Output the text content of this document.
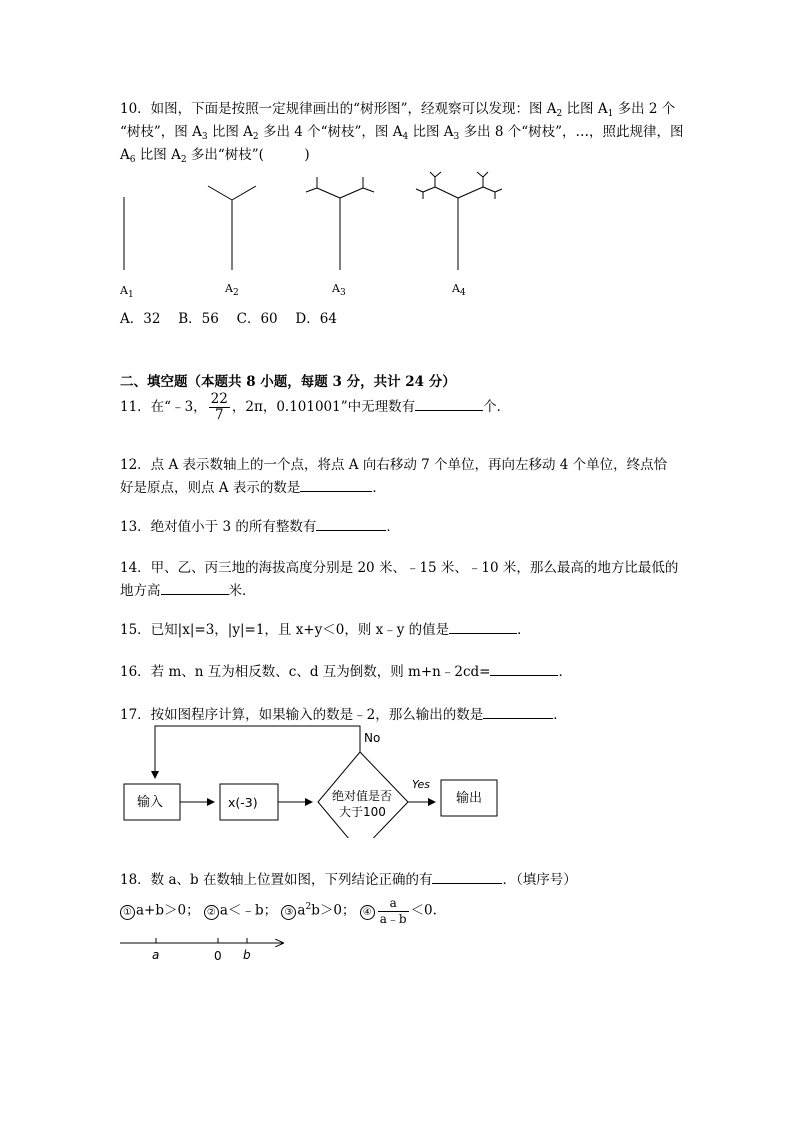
10．如图，下面是按照一定规律画出的“树形图”，经观察可以发现：图 $A_2$ 比图 $A_1$ 多出 2 个
“树枝”，图 $A_3$ 比图 $A_2$ 多出 4 个“树枝”，图 $A_4$ 比图 $A_3$ 多出 8 个“树枝”，…，照此规律，图
$A_6$ 比图 $A_2$ 多出“树枝”(　　　)
$A_1$	$A_2$	$A_3$	$A_4$
A．32　 B．56　 C．60　 D．64
二、填空题（本题共 8 小题，每题 3 分，共计 24 分）
11．在“﹣3， $\frac{22}{7}$ ，2π，0.101001”中无理数有	个．
12．点 A 表示数轴上的一个点，将点 A 向右移动 7 个单位，再向左移动 4 个单位，终点恰
好是原点，则点 A 表示的数是	．
13．绝对值小于 3 的所有整数有	．
14．甲、乙、丙三地的海拔高度分别是 20 米、﹣15 米、﹣10 米，那么最高的地方比最低的
地方高	米．
15．已知|x|=3，|y|=1，且 x+y＜0，则 x﹣y 的值是	．
16．若 m、n 互为相反数、c、d 互为倒数，则 m+n﹣2cd=	．
17．按如图程序计算，如果输入的数是﹣2，那么输出的数是	．
输入	x(-3)	绝对值是否
大于100
No
Yes
输出
18．数 a、b 在数轴上位置如图，下列结论正确的有	．（填序号）
① a+b＞0； ② a＜﹣b； ③ $a^2b>0$； ④ $\frac{a}{a﹣b} <0$.
a	0 b
